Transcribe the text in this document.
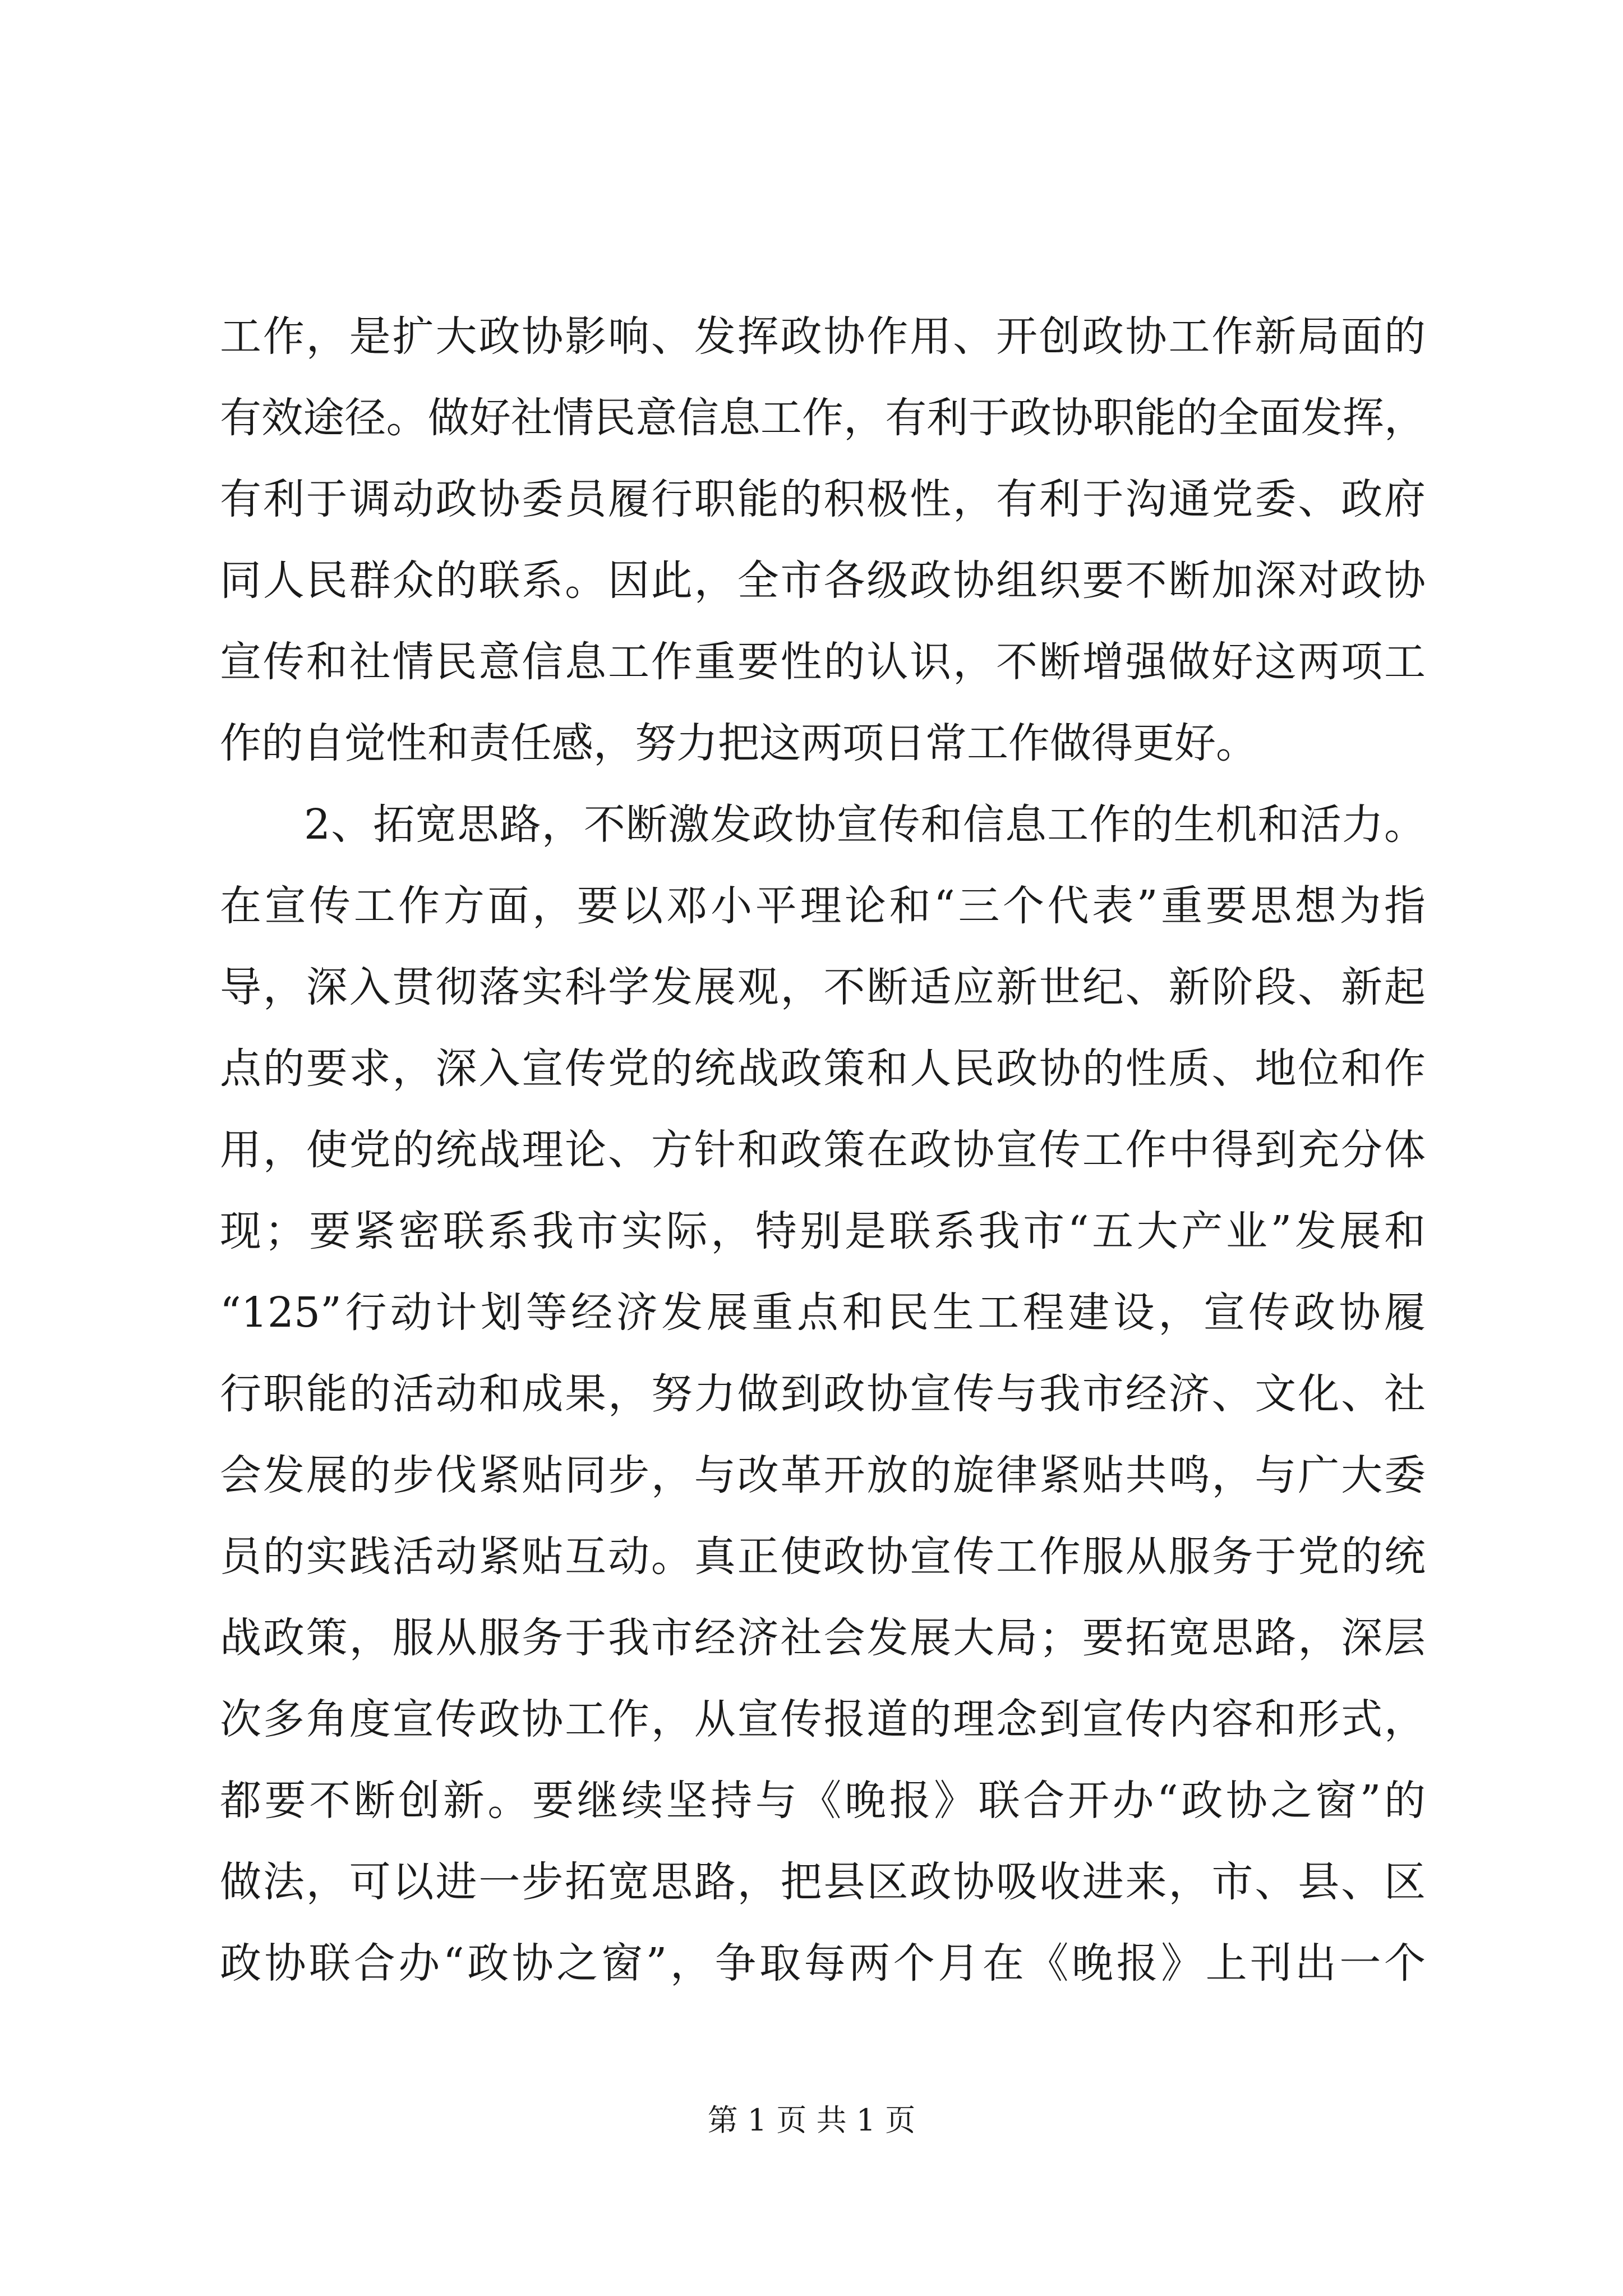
工作，是扩大政协影响、发挥政协作用、开创政协工作新局面的
有效途径。做好社情民意信息工作，有利于政协职能的全面发挥，
有利于调动政协委员履行职能的积极性，有利于沟通党委、政府
同人民群众的联系。因此，全市各级政协组织要不断加深对政协
宣传和社情民意信息工作重要性的认识，不断增强做好这两项工
作的自觉性和责任感，努力把这两项日常工作做得更好。
2、拓宽思路，不断激发政协宣传和信息工作的生机和活力。
在宣传工作方面，要以邓小平理论和“三个代表”重要思想为指
导，深入贯彻落实科学发展观，不断适应新世纪、新阶段、新起
点的要求，深入宣传党的统战政策和人民政协的性质、地位和作
用，使党的统战理论、方针和政策在政协宣传工作中得到充分体
现；要紧密联系我市实际，特别是联系我市“五大产业”发展和
“125”行动计划等经济发展重点和民生工程建设，宣传政协履
行职能的活动和成果，努力做到政协宣传与我市经济、文化、社
会发展的步伐紧贴同步，与改革开放的旋律紧贴共鸣，与广大委
员的实践活动紧贴互动。真正使政协宣传工作服从服务于党的统
战政策，服从服务于我市经济社会发展大局；要拓宽思路，深层
次多角度宣传政协工作，从宣传报道的理念到宣传内容和形式，
都要不断创新。要继续坚持与《晚报》联合开办“政协之窗”的
做法，可以进一步拓宽思路，把县区政协吸收进来，市、县、区
政协联合办“政协之窗”，争取每两个月在《晚报》上刊出一个
第 1 页 共 1 页
